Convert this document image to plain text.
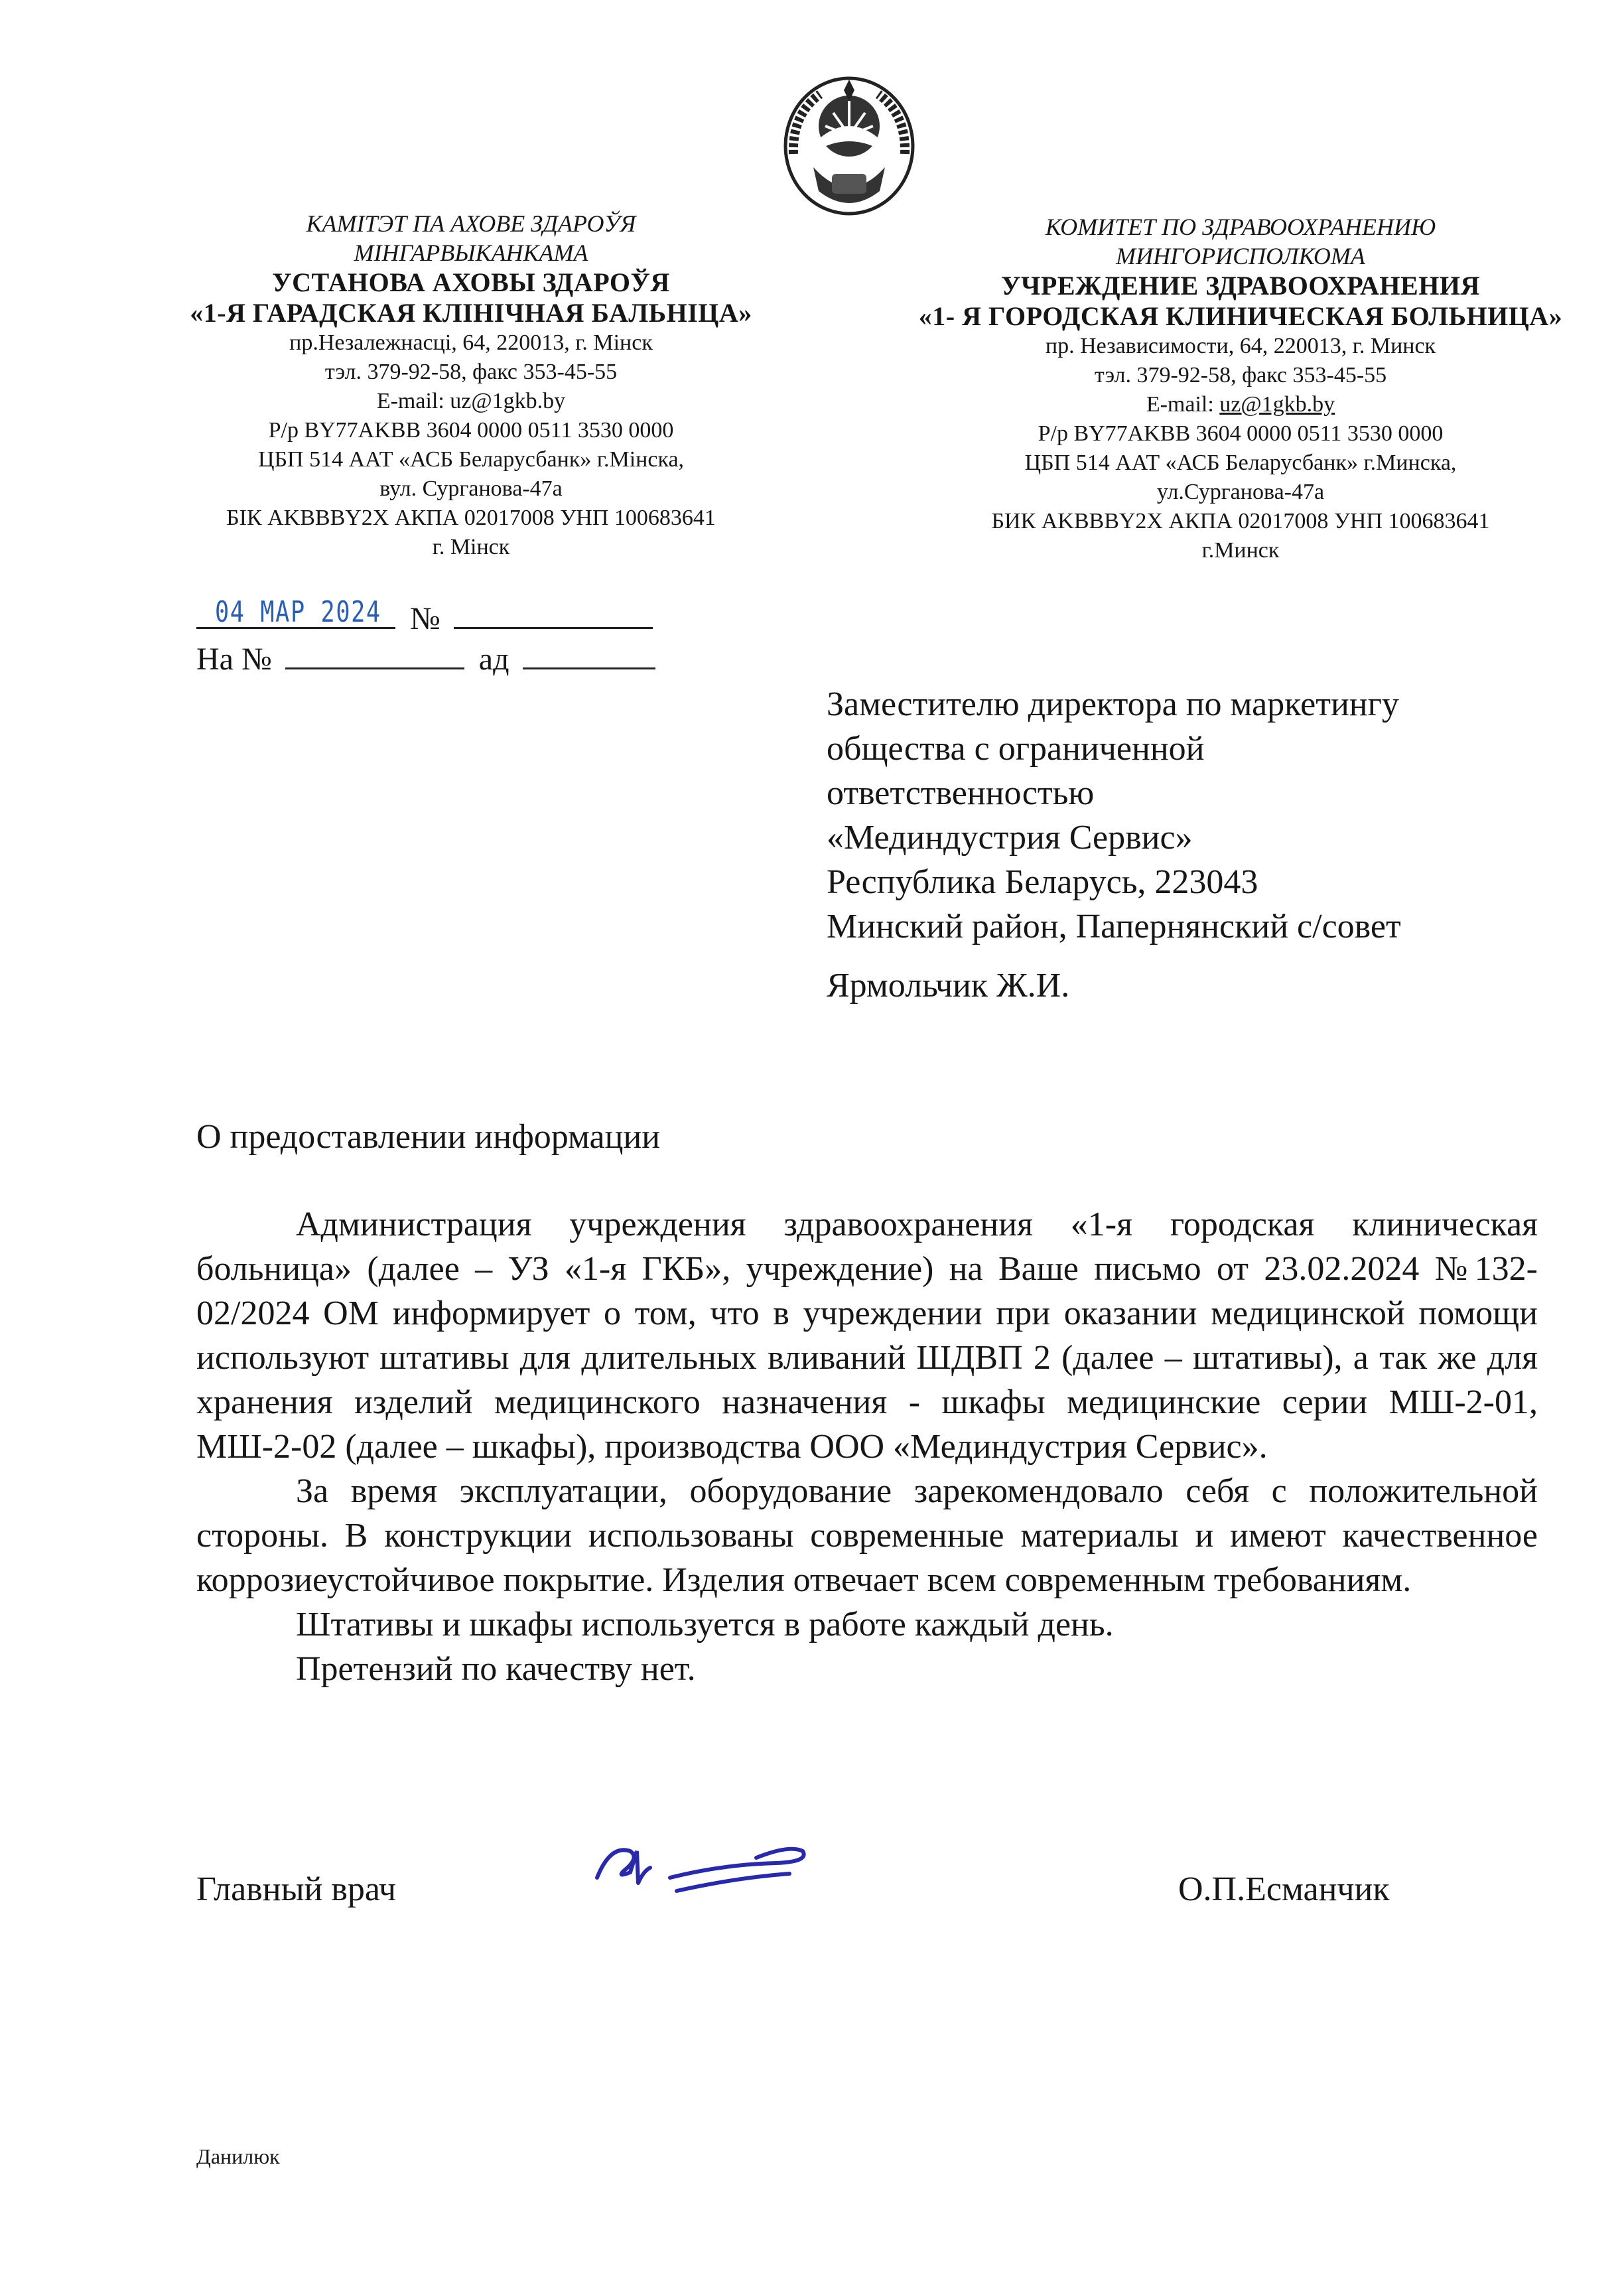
КАМІТЭТ ПА АХОВЕ ЗДАРОЎЯ
МІНГАРВЫКАНКАМА
УСТАНОВА АХОВЫ ЗДАРОЎЯ
«1-Я ГАРАДСКАЯ КЛІНІЧНАЯ БАЛЬНІЦА»
пр.Незалежнасці, 64, 220013, г. Мінск
тэл. 379-92-58, факс 353-45-55
E-mail: uz@1gkb.by
Р/р BY77AKBB 3604 0000 0511 3530 0000
ЦБП 514 ААТ «АСБ Беларусбанк» г.Мінска,
вул. Сурганова-47а
БІК AKBBBY2X АКПА 02017008 УНП 100683641
г. Мінск
КОМИТЕТ ПО ЗДРАВООХРАНЕНИЮ
МИНГОРИСПОЛКОМА
УЧРЕЖДЕНИЕ ЗДРАВООХРАНЕНИЯ
«1- Я ГОРОДСКАЯ КЛИНИЧЕСКАЯ БОЛЬНИЦА»
пр. Независимости, 64, 220013, г. Минск
тэл. 379-92-58, факс 353-45-55
E-mail: uz@1gkb.by
Р/р BY77AKBB 3604 0000 0511 3530 0000
ЦБП 514 ААТ «АСБ Беларусбанк» г.Минска,
ул.Сурганова-47а
БИК AKBBBY2X АКПА 02017008 УНП 100683641
г.Минск
04 МАР 2024 №
На №	ад
Заместителю директора по маркетингу
общества с ограниченной
ответственностью
«Мединдустрия Сервис»
Республика Беларусь, 223043
Минский район, Папернянский с/совет
Ярмольчик Ж.И.
О предоставлении информации

Администрация учреждения здравоохранения «1-я городская клиническая больница» (далее – УЗ «1-я ГКБ», учреждение) на Ваше письмо от 23.02.2024 №132-02/2024 ОМ информирует о том, что в учреждении при оказании медицинской помощи используют штативы для длительных вливаний ШДВП 2 (далее – штативы), а так же для хранения изделий медицинского назначения - шкафы медицинские серии МШ-2-01, МШ-2-02 (далее – шкафы), производства ООО «Мединдустрия Сервис».

За время эксплуатации, оборудование зарекомендовало себя с положительной стороны. В конструкции использованы современные материалы и имеют качественное коррозиеустойчивое покрытие. Изделия отвечает всем современным требованиям.

Штативы и шкафы используется в работе каждый день.

Претензий по качеству нет.

Главный врач	О.П.Есманчик
Данилюк
